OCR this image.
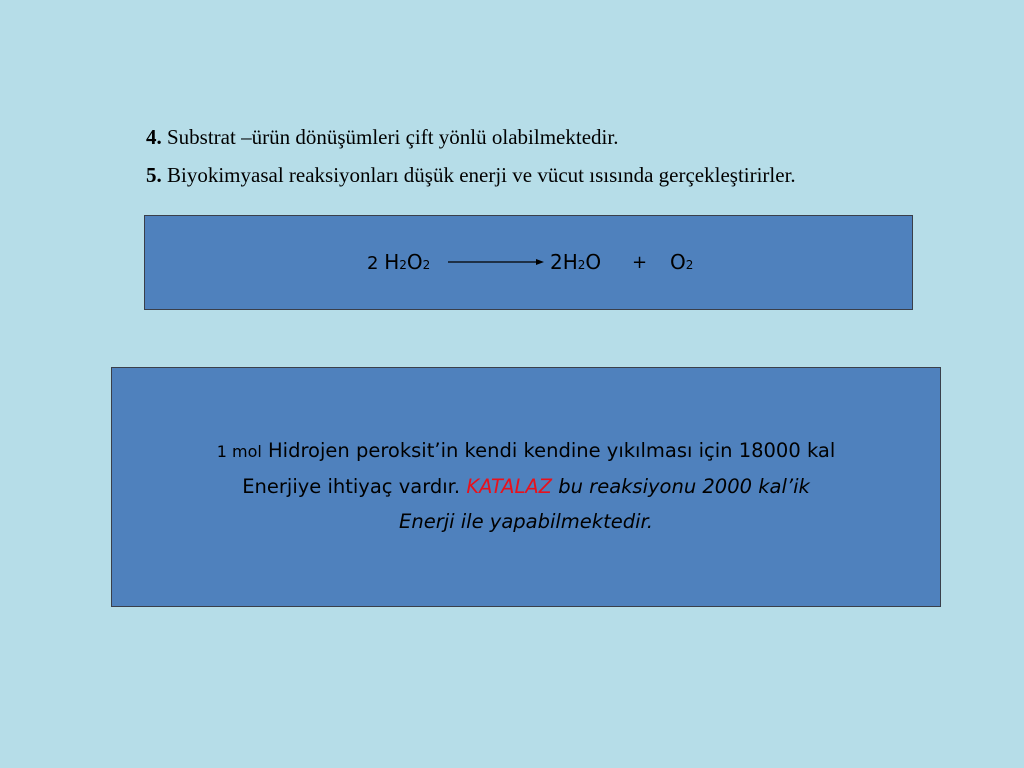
4. Substrat –ürün dönüşümleri çift yönlü olabilmektedir.
5. Biyokimyasal reaksiyonları düşük enerji ve vücut ısısında gerçekleştirirler.
2 H2O2	2H2O + O2
1 mol Hidrojen peroksit’in kendi kendine yıkılması için 18000 kal
Enerjiye ihtiyaç vardır. KATALAZ bu reaksiyonu 2000 kal’ik
Enerji ile yapabilmektedir.
